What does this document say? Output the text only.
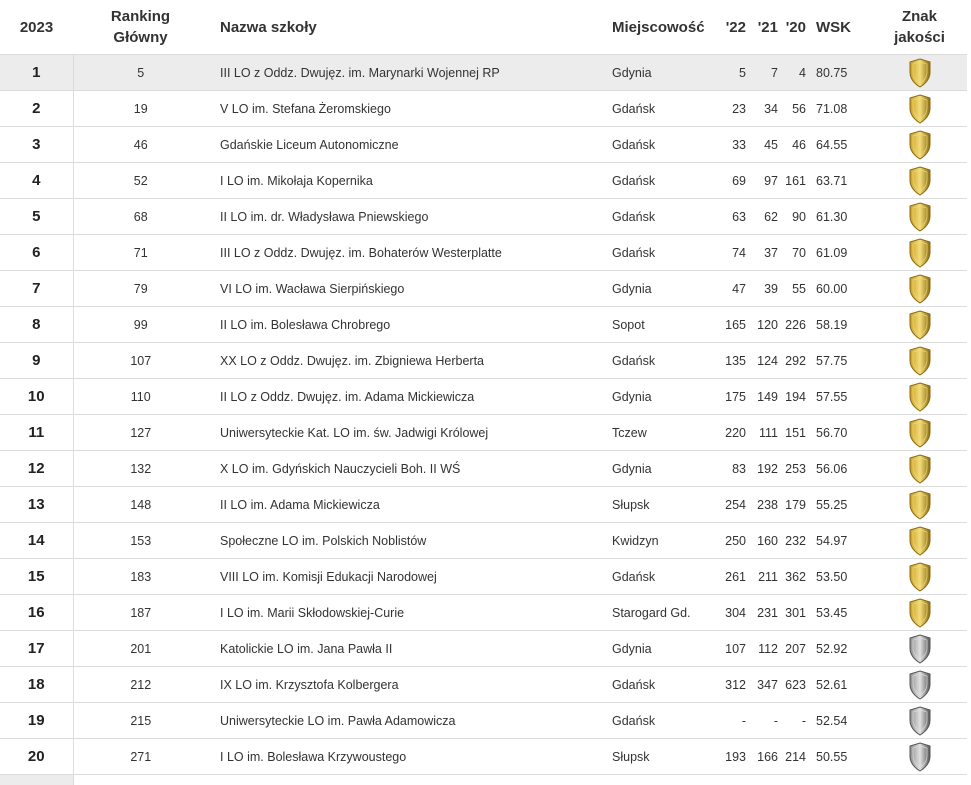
2023	Ranking
Główny	Nazwa szkoły	Miejscowość	'22	'21	'20	WSK	Znak
jakości
1	5	III LO z Oddz. Dwujęz. im. Marynarki Wojennej RP	Gdynia	5	7	4	80.75	
2	19	V LO im. Stefana Żeromskiego	Gdańsk	23	34	56	71.08	
3	46	Gdańskie Liceum Autonomiczne	Gdańsk	33	45	46	64.55	
4	52	I LO im. Mikołaja Kopernika	Gdańsk	69	97	161	63.71	
5	68	II LO im. dr. Władysława Pniewskiego	Gdańsk	63	62	90	61.30	
6	71	III LO z Oddz. Dwujęz. im. Bohaterów Westerplatte	Gdańsk	74	37	70	61.09	
7	79	VI LO im. Wacława Sierpińskiego	Gdynia	47	39	55	60.00	
8	99	II LO im. Bolesława Chrobrego	Sopot	165	120	226	58.19	
9	107	XX LO z Oddz. Dwujęz. im. Zbigniewa Herberta	Gdańsk	135	124	292	57.75	
10	110	II LO z Oddz. Dwujęz. im. Adama Mickiewicza	Gdynia	175	149	194	57.55	
11	127	Uniwersyteckie Kat. LO im. św. Jadwigi Królowej	Tczew	220	111	151	56.70	
12	132	X LO im. Gdyńskich Nauczycieli Boh. II WŚ	Gdynia	83	192	253	56.06	
13	148	II LO im. Adama Mickiewicza	Słupsk	254	238	179	55.25	
14	153	Społeczne LO im. Polskich Noblistów	Kwidzyn	250	160	232	54.97	
15	183	VIII LO im. Komisji Edukacji Narodowej	Gdańsk	261	211	362	53.50	
16	187	I LO im. Marii Skłodowskiej-Curie	Starogard Gd.	304	231	301	53.45	
17	201	Katolickie LO im. Jana Pawła II	Gdynia	107	112	207	52.92	
18	212	IX LO im. Krzysztofa Kolbergera	Gdańsk	312	347	623	52.61	
19	215	Uniwersyteckie LO im. Pawła Adamowicza	Gdańsk	-	-	-	52.54	
20	271	I LO im. Bolesława Krzywoustego	Słupsk	193	166	214	50.55	
